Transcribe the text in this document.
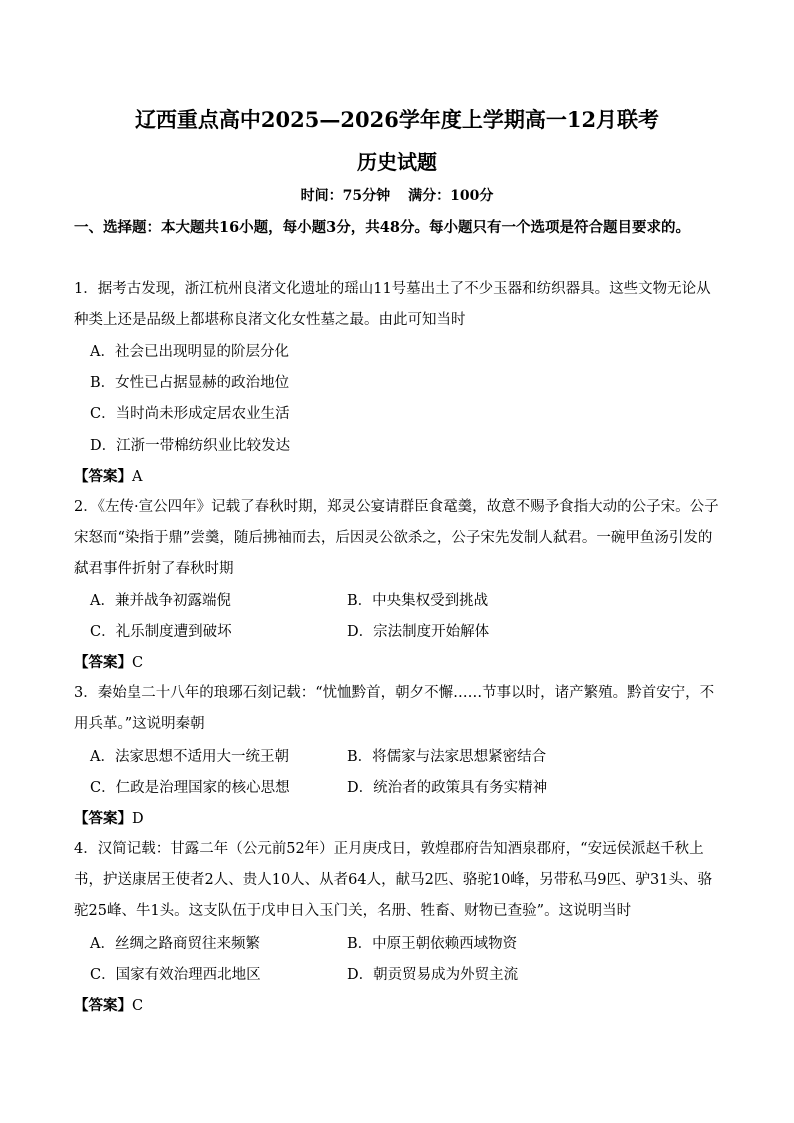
辽西重点高中2025—2026学年度上学期高一12月联考
历史试题
时间：75分钟 满分：100分
一、选择题：本大题共16小题，每小题3分，共48分。每小题只有一个选项是符合题目要求的。
1．据考古发现，浙江杭州良渚文化遗址的瑶山11号墓出土了不少玉器和纺织器具。这些文物无论从种类上还是品级上都堪称良渚文化女性墓之最。由此可知当时
A．社会已出现明显的阶层分化
B．女性已占据显赫的政治地位
C．当时尚未形成定居农业生活
D．江浙一带棉纺织业比较发达
【答案】A
2．《左传·宣公四年》记载了春秋时期，郑灵公宴请群臣食鼋羹，故意不赐予食指大动的公子宋。公子宋怒而“染指于鼎”尝羹，随后拂袖而去，后因灵公欲杀之，公子宋先发制人弑君。一碗甲鱼汤引发的弑君事件折射了春秋时期
A．兼并战争初露端倪	B．中央集权受到挑战
C．礼乐制度遭到破坏	D．宗法制度开始解体
【答案】C
3．秦始皇二十八年的琅琊石刻记载：“忧恤黔首，朝夕不懈……节事以时，诸产繁殖。黔首安宁，不用兵革。”这说明秦朝
A．法家思想不适用大一统王朝	B．将儒家与法家思想紧密结合
C．仁政是治理国家的核心思想	D．统治者的政策具有务实精神
【答案】D
4．汉简记载：甘露二年（公元前52年）正月庚戌日，敦煌郡府告知酒泉郡府，“安远侯派赵千秋上书，护送康居王使者2人、贵人10人、从者64人，献马2匹、骆驼10峰，另带私马9匹、驴31头、骆驼25峰、牛1头。这支队伍于戊申日入玉门关，名册、牲畜、财物已查验”。这说明当时
A．丝绸之路商贸往来频繁	B．中原王朝依赖西域物资
C．国家有效治理西北地区	D．朝贡贸易成为外贸主流
【答案】C
